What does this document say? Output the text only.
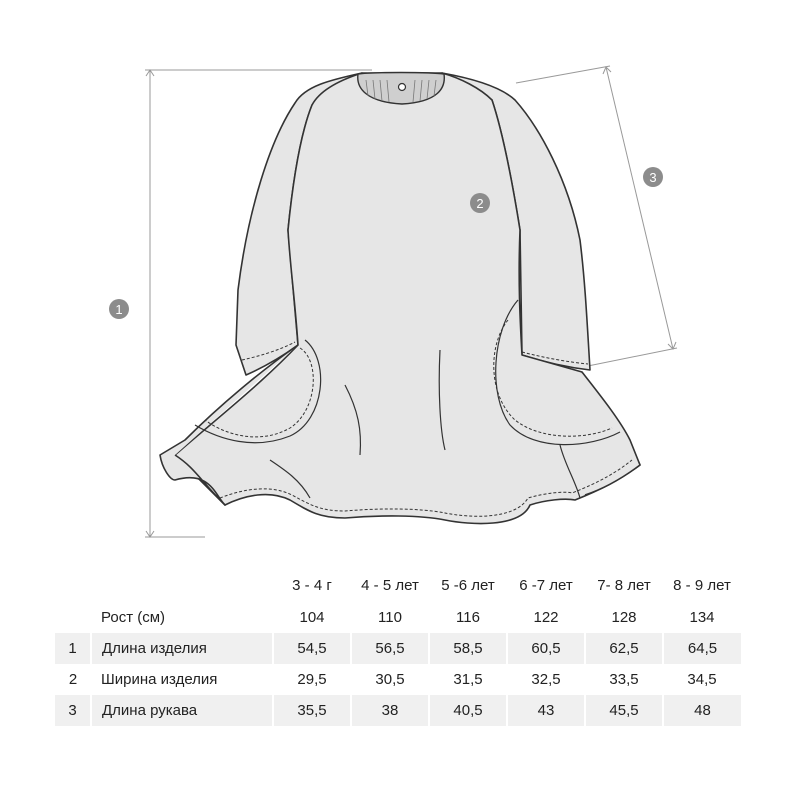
1
2
3
		3 - 4 г	4 - 5 лет	5 -6 лет	6 -7 лет	7- 8 лет	8 - 9 лет
	Рост (см)	104	110	116	122	128	134
1	Длина изделия	54,5	56,5	58,5	60,5	62,5	64,5
2	Ширина изделия	29,5	30,5	31,5	32,5	33,5	34,5
3	Длина рукава	35,5	38	40,5	43	45,5	48
